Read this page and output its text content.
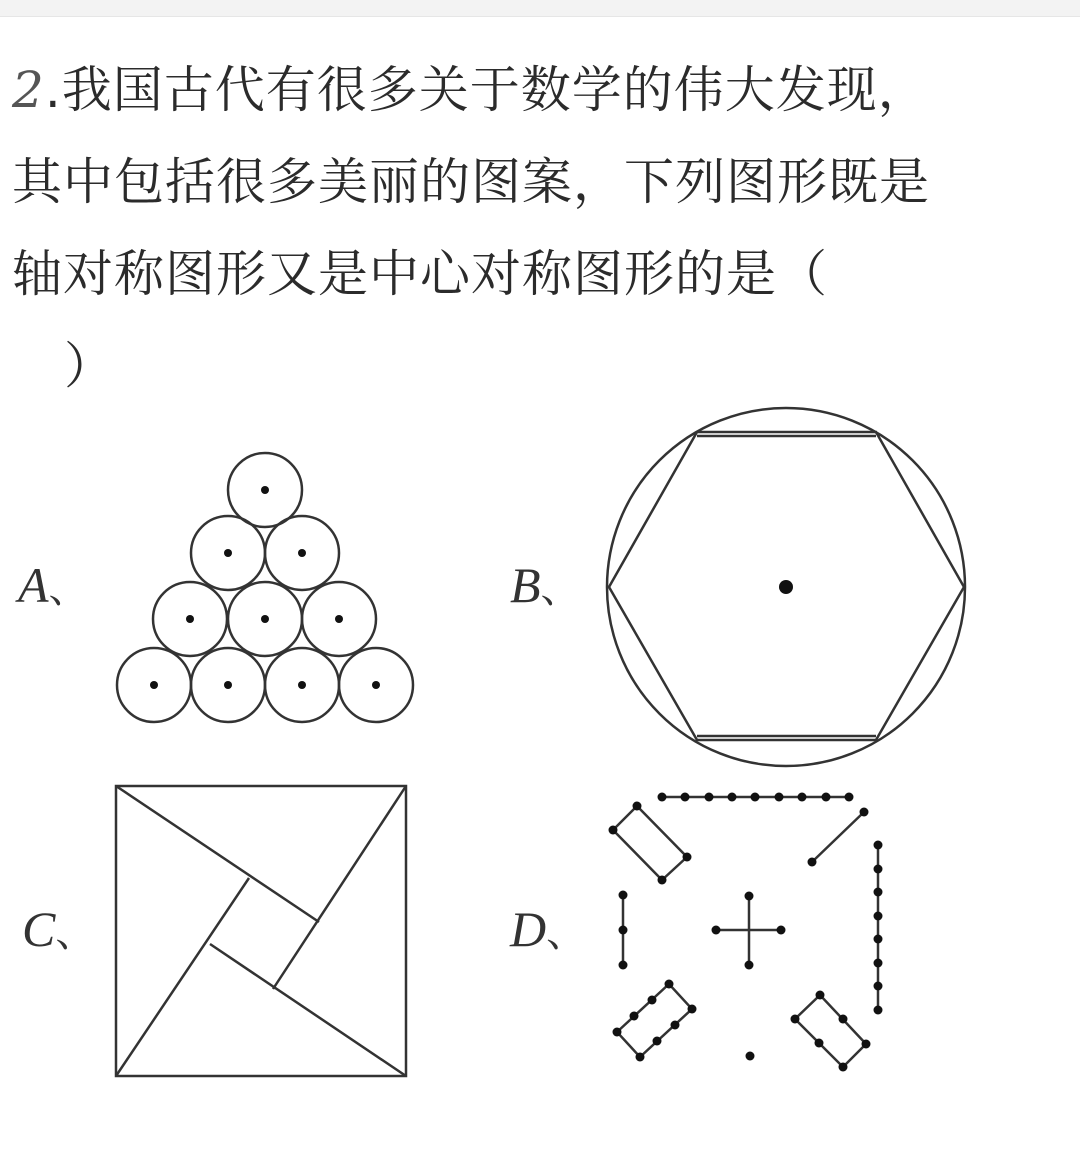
2.我国古代有很多关于数学的伟大发现，
其中包括很多美丽的图案，下列图形既是
轴对称图形又是中心对称图形的是（
）
A、	B、
C、	D、
